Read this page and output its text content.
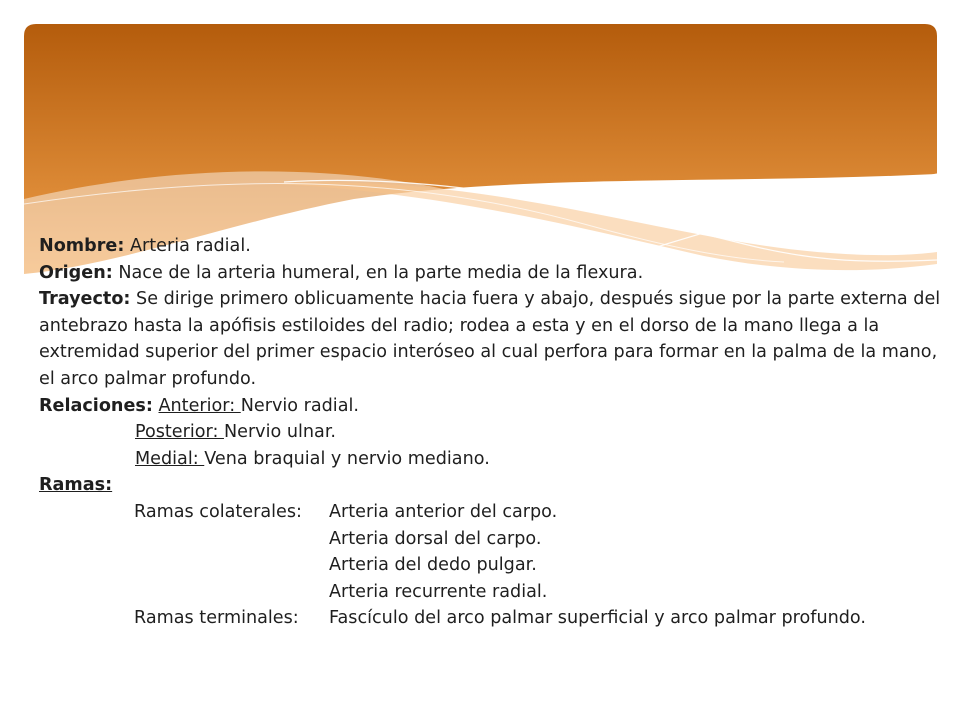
Nombre: Arteria radial.
Origen: Nace de la arteria humeral, en la parte media de la flexura.
Trayecto: Se dirige primero oblicuamente hacia fuera y abajo, después sigue por la parte externa del antebrazo hasta la apófisis estiloides del radio; rodea a esta y en el dorso de la mano llega a la extremidad superior del primer espacio interóseo al cual perfora para formar en la palma de la mano, el arco palmar profundo.
Relaciones: Anterior: Nervio radial.
Posterior: Nervio ulnar.
Medial: Vena braquial y nervio mediano.
Ramas:
Ramas colaterales: Arteria anterior del carpo.
Arteria dorsal del carpo.
Arteria del dedo pulgar.
Arteria recurrente radial.
Ramas terminales: Fascículo del arco palmar superficial y arco palmar profundo.
